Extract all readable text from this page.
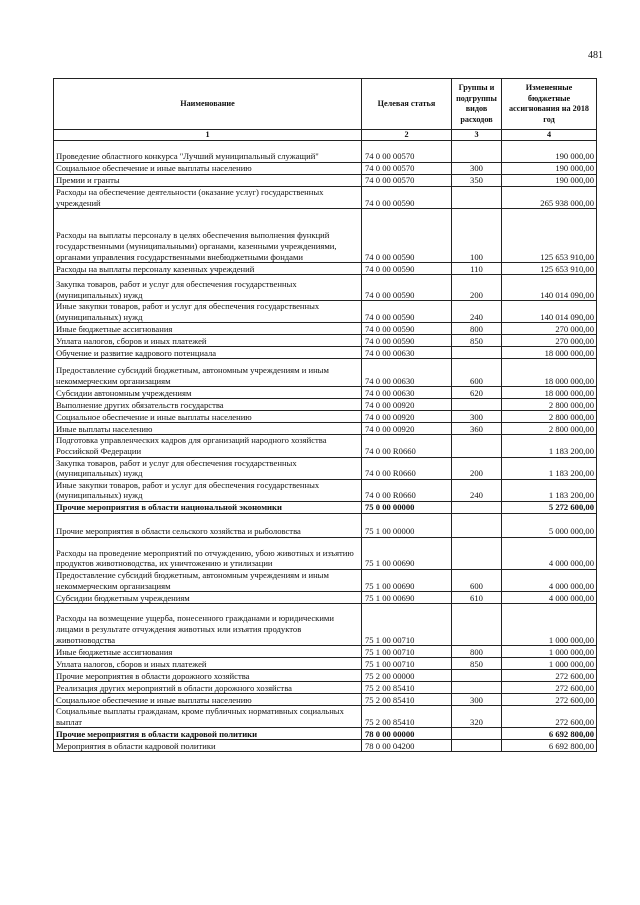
481
Наименование	Целевая статья	Группы и подгруппы видов расходов	Измененные бюджетные ассигнования на 2018 год
1	2	3	4
Проведение областного конкурса "Лучший муниципальный служащий"	74 0 00 00570		190 000,00
Социальное обеспечение и иные выплаты населению	74 0 00 00570	300	190 000,00
Премии и гранты	74 0 00 00570	350	190 000,00
Расходы на обеспечение деятельности (оказание услуг) государственных учреждений	74 0 00 00590		265 938 000,00
Расходы на выплаты персоналу в целях обеспечения выполнения функций государственными (муниципальными) органами, казенными учреждениями, органами управления государственными внебюджетными фондами	74 0 00 00590	100	125 653 910,00
Расходы на выплаты персоналу казенных учреждений	74 0 00 00590	110	125 653 910,00
Закупка товаров, работ и услуг для обеспечения государственных (муниципальных) нужд	74 0 00 00590	200	140 014 090,00
Иные закупки товаров, работ и услуг для обеспечения государственных (муниципальных) нужд	74 0 00 00590	240	140 014 090,00
Иные бюджетные ассигнования	74 0 00 00590	800	270 000,00
Уплата налогов, сборов и иных платежей	74 0 00 00590	850	270 000,00
Обучение и развитие кадрового потенциала	74 0 00 00630		18 000 000,00
Предоставление субсидий бюджетным, автономным учреждениям и иным некоммерческим организациям	74 0 00 00630	600	18 000 000,00
Субсидии автономным учреждениям	74 0 00 00630	620	18 000 000,00
Выполнение других обязательств государства	74 0 00 00920		2 800 000,00
Социальное обеспечение и иные выплаты населению	74 0 00 00920	300	2 800 000,00
Иные выплаты населению	74 0 00 00920	360	2 800 000,00
Подготовка управленческих кадров для организаций народного хозяйства Российской Федерации	74 0 00 R0660		1 183 200,00
Закупка товаров, работ и услуг для обеспечения государственных (муниципальных) нужд	74 0 00 R0660	200	1 183 200,00
Иные закупки товаров, работ и услуг для обеспечения государственных (муниципальных) нужд	74 0 00 R0660	240	1 183 200,00
Прочие мероприятия в области национальной экономики	75 0 00 00000		5 272 600,00
Прочие мероприятия в области сельского хозяйства и рыболовства	75 1 00 00000		5 000 000,00
Расходы на проведение мероприятий по отчуждению, убою животных и изъятию продуктов животноводства, их уничтожению и утилизации	75 1 00 00690		4 000 000,00
Предоставление субсидий бюджетным, автономным учреждениям и иным некоммерческим организациям	75 1 00 00690	600	4 000 000,00
Субсидии бюджетным учреждениям	75 1 00 00690	610	4 000 000,00
Расходы на возмещение ущерба, понесенного гражданами и юридическими лицами в результате отчуждения животных или изъятия продуктов животноводства	75 1 00 00710		1 000 000,00
Иные бюджетные ассигнования	75 1 00 00710	800	1 000 000,00
Уплата налогов, сборов и иных платежей	75 1 00 00710	850	1 000 000,00
Прочие мероприятия в области дорожного хозяйства	75 2 00 00000		272 600,00
Реализация других мероприятий в области дорожного хозяйства	75 2 00 85410		272 600,00
Социальное обеспечение и иные выплаты населению	75 2 00 85410	300	272 600,00
Социальные выплаты гражданам, кроме публичных нормативных социальных выплат	75 2 00 85410	320	272 600,00
Прочие мероприятия в области кадровой политики	78 0 00 00000		6 692 800,00
Мероприятия в области кадровой политики	78 0 00 04200		6 692 800,00
